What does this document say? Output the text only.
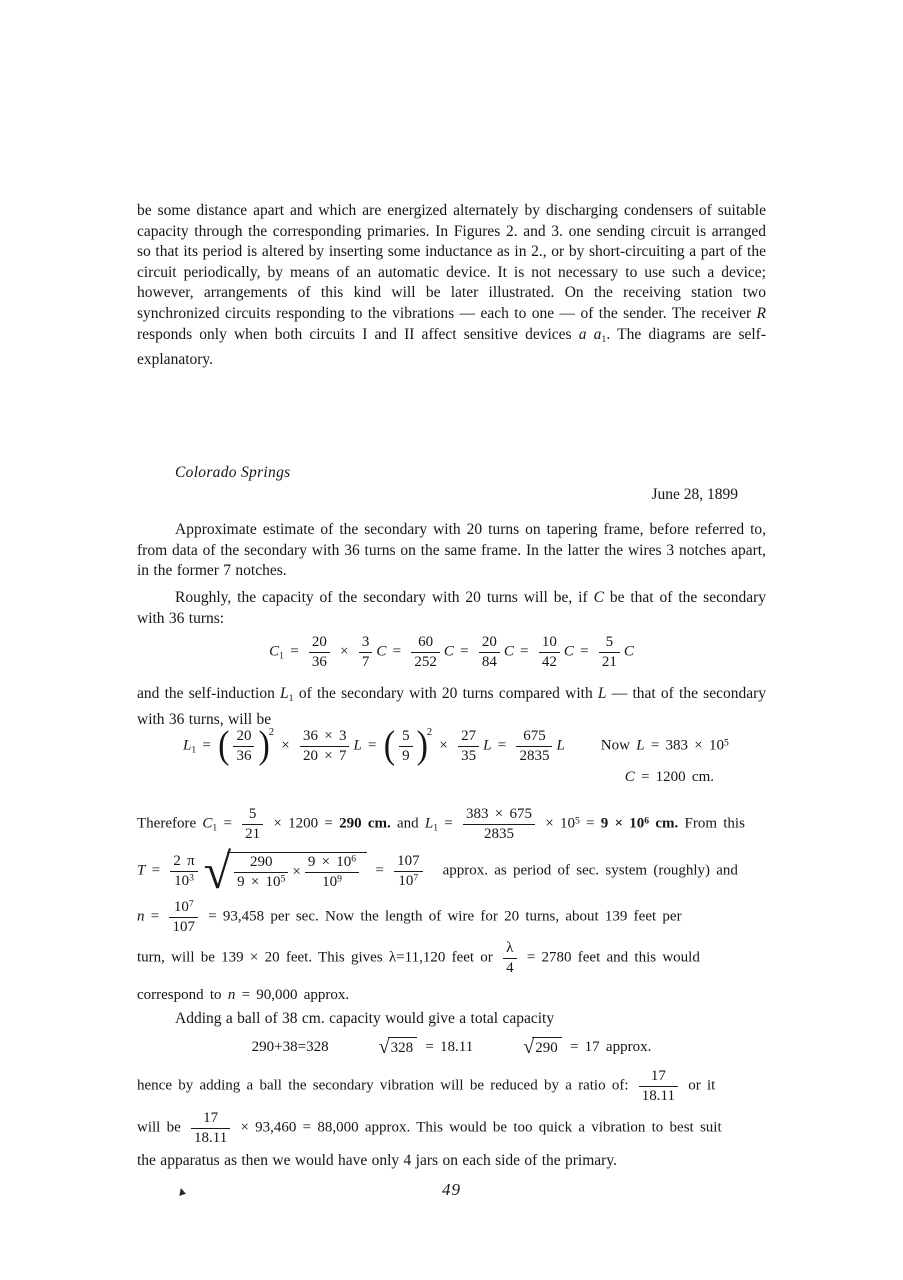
be some distance apart and which are energized alternately by discharging condensers of suitable capacity through the corresponding primaries. In Figures 2. and 3. one sending circuit is arranged so that its period is altered by inserting some inductance as in 2., or by short-circuiting a part of the circuit periodically, by means of an automatic device. It is not necessary to use such a device; however, arrangements of this kind will be later illustrated. On the receiving station two synchronized circuits responding to the vibrations — each to one — of the sender. The receiver R responds only when both circuits I and II affect sensitive devices a a1. The diagrams are self-explanatory.

Colorado Springs
June 28, 1899

Approximate estimate of the secondary with 20 turns on tapering frame, before referred to, from data of the secondary with 36 turns on the same frame. In the latter the wires 3 notches apart, in the former 7 notches.

Roughly, the capacity of the secondary with 20 turns will be, if C be that of the secondary with 36 turns:

$C1 = \frac{20}{36} \times \frac{3}{7}$ $C = \frac{60}{252}$ $C = \frac{20}{84}$ $C = \frac{10}{42}$ $C = \frac{5}{21}$ C

and the self-induction L1 of the secondary with 20 turns compared with L — that of the secondary with 36 turns, will be

L1 = ( $\frac{20}{36}$ ) 2
× $\frac{36 \times 3}{20 \times 7}$ L = ( $\frac{5}{9}$ ) 2
× $\frac{27}{35}$ $L = \frac{675}{2835}$ L Now $L = 383 \times 10^5$
C = 1200 cm.
Therefore $C1 = \frac{5}{21} \times 1200 = 290$ cm. and $L1 = \frac{383 \times 675}{2835} \times 10^5 = 9 \times 10^6$ cm. From this
$T = \frac{2 \pi}{10^3}$ √ $\frac{290}{9 \times 10^5} \times \frac{9 \times 10^6}{10^9} = \frac{107}{10^7}$ approx. as period of sec. system (roughly) and
$n = \frac{10^7}{107} = 93,458$ per sec. Now the length of wire for 20 turns, about 139 feet per
turn, will be 139 × 20 feet. This gives λ=11,120 feet or $\frac{\lambda}{4} = 2780$ feet and this would
correspond to n = 90,000 approx.

Adding a ball of 38 cm. capacity would give a total capacity

290+38=328	√ 328 = 18.11	√ 290 = 17 approx.
hence by adding a ball the secondary vibration will be reduced by a ratio of: $\frac{17}{18.11}$ or it
will be $\frac{17}{18.11} \times 93,460 = 88,000$ approx. This would be too quick a vibration to best suit

the apparatus as then we would have only 4 jars on each side of the primary.

49
